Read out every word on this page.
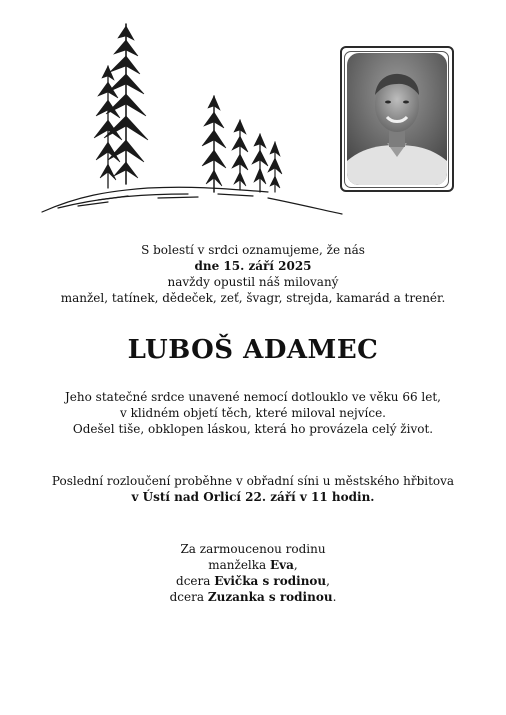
S bolestí v srdci oznamujeme, že nás
dne 15. září 2025
navždy opustil náš milovaný
manžel, tatínek, dědeček, zeť, švagr, strejda, kamarád a trenér.
LUBOŠ ADAMEC
Jeho statečné srdce unavené nemocí dotlouklo ve věku 66 let,
v klidném objetí těch, které miloval nejvíce.
Odešel tiše, obklopen láskou, která ho provázela celý život.
Poslední rozloučení proběhne v obřadní síni u městského hřbitova
v Ústí nad Orlicí 22. září v 11 hodin.
Za zarmoucenou rodinu
manželka Eva,
dcera Evička s rodinou,
dcera Zuzanka s rodinou.
